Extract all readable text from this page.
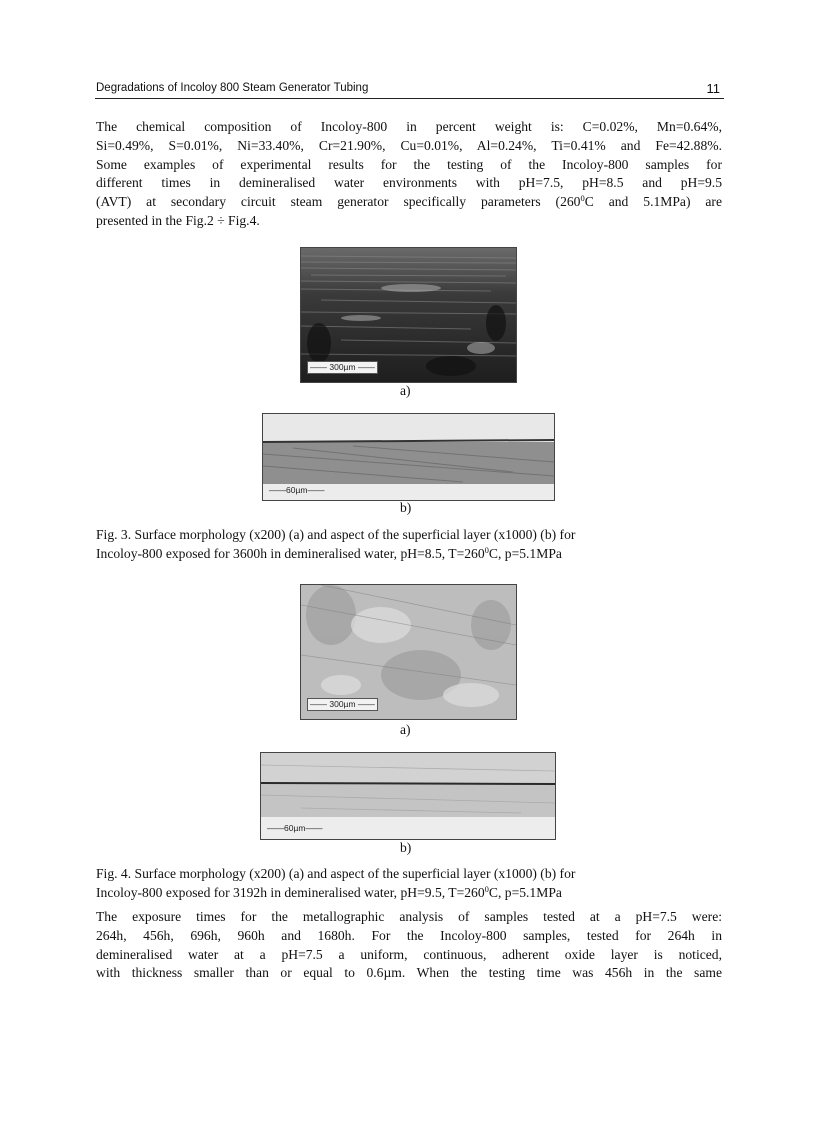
Degradations of Incoloy 800 Steam Generator Tubing	11

The chemical composition of Incoloy-800 in percent weight is: C=0.02%, Mn=0.64%,
Si=0.49%, S=0.01%, Ni=33.40%, Cr=21.90%, Cu=0.01%, Al=0.24%, Ti=0.41% and Fe=42.88%.
Some examples of experimental results for the testing of the Incoloy-800 samples for
different times in demineralised water environments with pH=7.5, pH=8.5 and pH=9.5
(AVT) at secondary circuit steam generator specifically parameters ($260^0C$ and 5.1MPa) are
presented in the Fig.2 ÷ Fig.4.

—— 300µm ——
a)
——60µm——
b)

Fig. 3. Surface morphology (x200) (a) and aspect of the superficial layer (x1000) (b) for
Incoloy-800 exposed for 3600h in demineralised water, pH=8.5, $T=260^0C$, p=5.1MPa

—— 300µm ——
a)
——60µm——
b)

Fig. 4. Surface morphology (x200) (a) and aspect of the superficial layer (x1000) (b) for
Incoloy-800 exposed for 3192h in demineralised water, pH=9.5, $T=260^0C$, p=5.1MPa

The exposure times for the metallographic analysis of samples tested at a pH=7.5 were:
264h, 456h, 696h, 960h and 1680h. For the Incoloy-800 samples, tested for 264h in
demineralised water at a pH=7.5 a uniform, continuous, adherent oxide layer is noticed,
with thickness smaller than or equal to 0.6µm. When the testing time was 456h in the same
